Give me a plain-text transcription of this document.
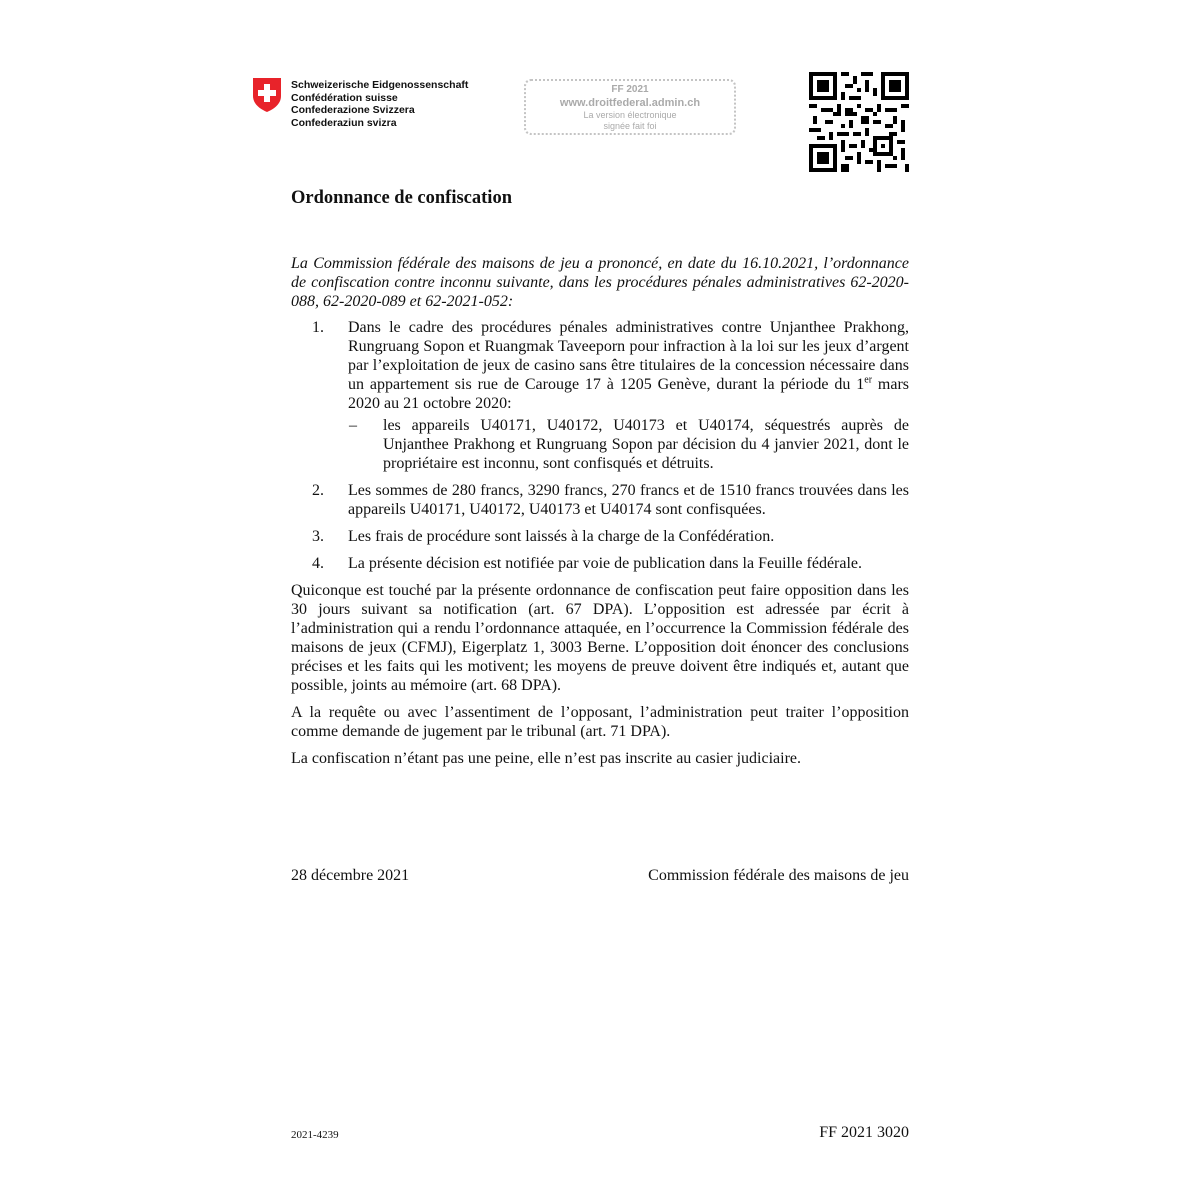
Schweizerische Eidgenossenschaft
Confédération suisse
Confederazione Svizzera
Confederaziun svizra
FF 2021
www.droitfederal.admin.ch
La version électronique
signée fait foi
Ordonnance de confiscation

La Commission fédérale des maisons de jeu a prononcé, en date du 16.10.2021, l’ordonnance de confiscation contre inconnu suivante, dans les procédures pénales administratives 62-2020-088, 62-2020-089 et 62-2021-052:

1. Dans le cadre des procédures pénales administratives contre Unjanthee Prakhong, Rungruang Sopon et Ruangmak Taveeporn pour infraction à la loi sur les jeux d’argent par l’exploitation de jeux de casino sans être titulaires de la concession nécessaire dans un appartement sis rue de Carouge 17 à 1205 Genève, durant la période du 1er mars 2020 au 21 octobre 2020:
– les appareils U40171, U40172, U40173 et U40174, séquestrés auprès de Unjanthee Prakhong et Rungruang Sopon par décision du 4 janvier 2021, dont le propriétaire est inconnu, sont confisqués et détruits.
2. Les sommes de 280 francs, 3290 francs, 270 francs et de 1510 francs trouvées dans les appareils U40171, U40172, U40173 et U40174 sont confisquées.
3. Les frais de procédure sont laissés à la charge de la Confédération.
4. La présente décision est notifiée par voie de publication dans la Feuille fédérale.

Quiconque est touché par la présente ordonnance de confiscation peut faire opposition dans les 30 jours suivant sa notification (art. 67 DPA). L’opposition est adressée par écrit à l’administration qui a rendu l’ordonnance attaquée, en l’occurrence la Commission fédérale des maisons de jeux (CFMJ), Eigerplatz 1, 3003 Berne. L’opposition doit énoncer des conclusions précises et les faits qui les motivent; les moyens de preuve doivent être indiqués et, autant que possible, joints au mémoire (art. 68 DPA).

A la requête ou avec l’assentiment de l’opposant, l’administration peut traiter l’opposition comme demande de jugement par le tribunal (art. 71 DPA).

La confiscation n’étant pas une peine, elle n’est pas inscrite au casier judiciaire.

28 décembre 2021	Commission fédérale des maisons de jeu
2021-4239	FF 2021 3020
